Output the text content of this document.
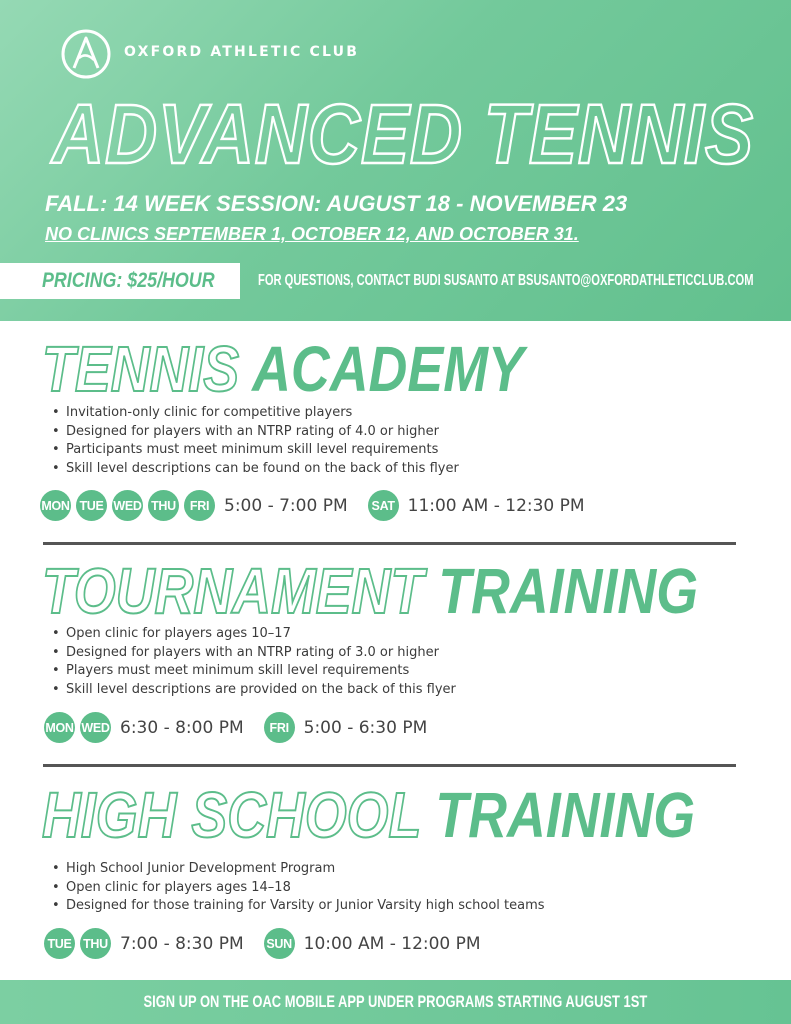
OXFORD ATHLETIC CLUB
ADVANCED TENNIS
FALL: 14 WEEK SESSION: AUGUST 18 - NOVEMBER 23
NO CLINICS SEPTEMBER 1, OCTOBER 12, AND OCTOBER 31.
PRICING: $25/HOUR	FOR QUESTIONS, CONTACT BUDI SUSANTO AT BSUSANTO@OXFORDATHLETICCLUB.COM
TENNIS ACADEMY
• Invitation-only clinic for competitive players
• Designed for players with an NTRP rating of 4.0 or higher
• Participants must meet minimum skill level requirements
• Skill level descriptions can be found on the back of this flyer
MON TUE WED THU	FRI 5:00 - 7:00 PM	SAT 11:00 AM - 12:30 PM
TOURNAMENT TRAINING
• Open clinic for players ages 10–17
• Designed for players with an NTRP rating of 3.0 or higher
• Players must meet minimum skill level requirements
• Skill level descriptions are provided on the back of this flyer
MON WED 6:30 - 8:00 PM	FRI 5:00 - 6:30 PM
HIGH SCHOOL TRAINING
• High School Junior Development Program
• Open clinic for players ages 14–18
• Designed for those training for Varsity or Junior Varsity high school teams
TUE THU 7:00 - 8:30 PM SUN 10:00 AM - 12:00 PM
SIGN UP ON THE OAC MOBILE APP UNDER PROGRAMS STARTING AUGUST 1ST
